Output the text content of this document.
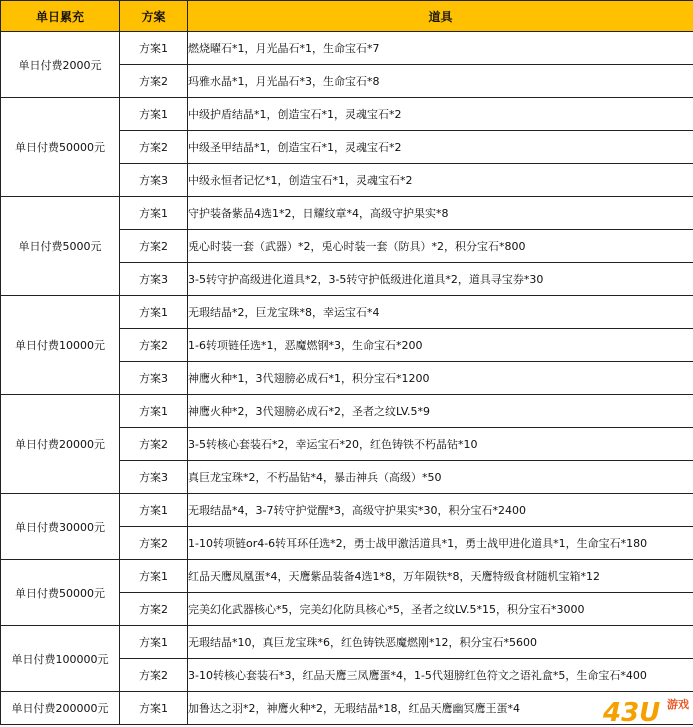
单日累充	方案	道具
单日付费2000元	方案1	燃烧曜石*1，月光晶石*1，生命宝石*7
	方案2	玛雅水晶*1，月光晶石*3，生命宝石*8
单日付费50000元	方案1	中级护盾结晶*1，创造宝石*1，灵魂宝石*2
	方案2	中级圣甲结晶*1，创造宝石*1，灵魂宝石*2
	方案3	中级永恒者记忆*1，创造宝石*1，灵魂宝石*2
单日付费5000元	方案1	守护装备紫品4选1*2，日耀纹章*4，高级守护果实*8
	方案2	兎心时装一套（武器）*2，兎心时装一套（防具）*2，积分宝石*800
	方案3	3-5转守护高级进化道具*2，3-5转守护低级进化道具*2，道具寻宝券*30
单日付费10000元	方案1	无瑕结晶*2，巨龙宝珠*8，幸运宝石*4
	方案2	1-6转项链任选*1，恶魔燃钢*3，生命宝石*200
	方案3	神鹰火种*1，3代翅膀必成石*1，积分宝石*1200
单日付费20000元	方案1	神鹰火种*2，3代翅膀必成石*2，圣者之纹LV.5*9
	方案2	3-5转核心套装石*2，幸运宝石*20，红色铸铁不朽晶钻*10
	方案3	真巨龙宝珠*2，不朽晶钻*4，暴击神兵（高级）*50
单日付费30000元	方案1	无瑕结晶*4，3-7转守护觉醒*3，高级守护果实*30，积分宝石*2400
	方案2	1-10转项链or4-6转耳环任选*2，勇士战甲激活道具*1，勇士战甲进化道具*1，生命宝石*180
单日付费50000元	方案1	红品天鹰凤凰蛋*4，天鹰紫品装备4选1*8，万年陨铁*8，天鹰特级食材随机宝箱*12
	方案2	完美幻化武器核心*5，完美幻化防具核心*5，圣者之纹LV.5*15，积分宝石*3000
单日付费100000元	方案1	无瑕结晶*10，真巨龙宝珠*6，红色铸铁恶魔燃刚*12，积分宝石*5600
	方案2	3-10转核心套装石*3，红品天鹰三凤鹰蛋*4，1-5代翅膀红色符文之语礼盒*5，生命宝石*400
单日付费200000元	方案1	加鲁达之羽*2，神鹰火种*2，无瑕结晶*18，红品天鹰幽冥鹰王蛋*4	43U 游戏
